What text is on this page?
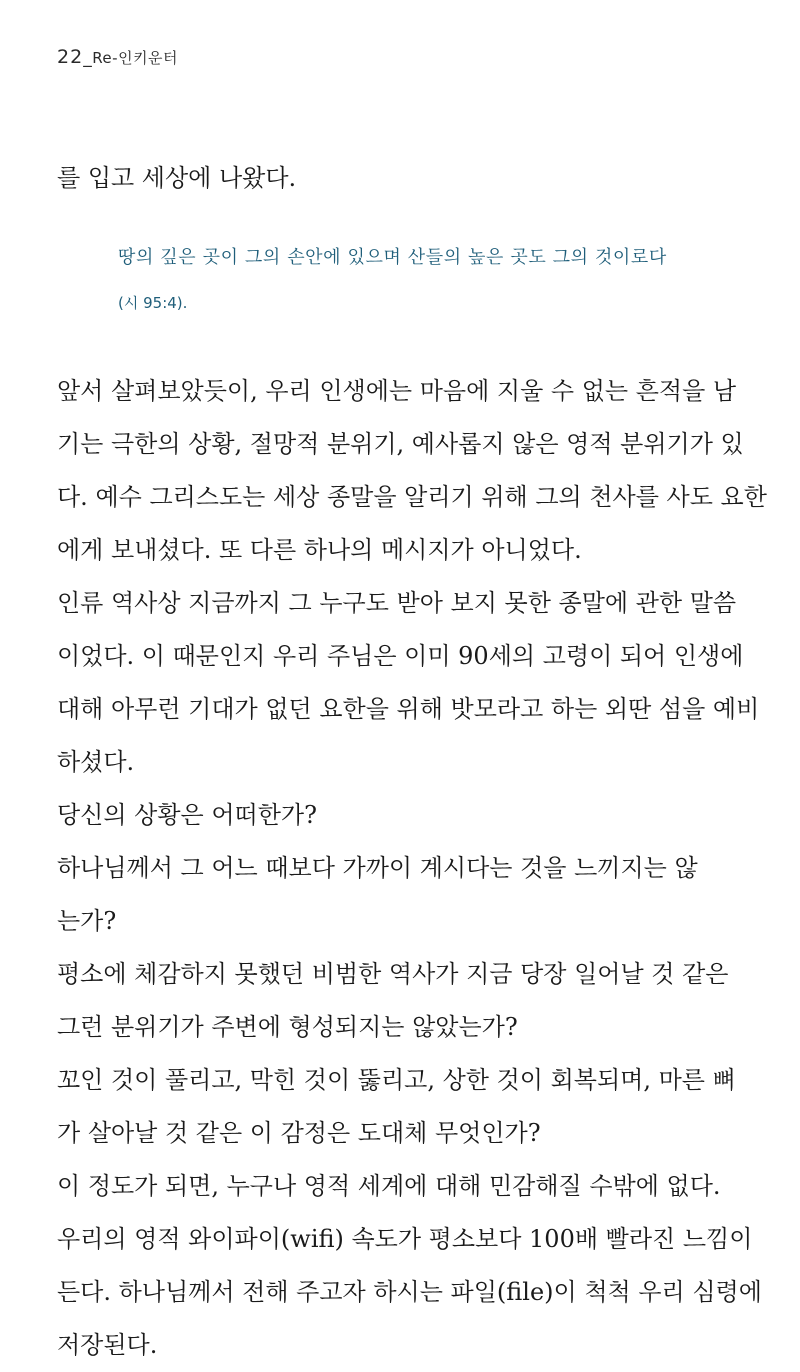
22_Re-인키운터
를 입고 세상에 나왔다.
땅의 깊은 곳이 그의 손안에 있으며 산들의 높은 곳도 그의 것이로다
(시 95:4).
앞서 살펴보았듯이, 우리 인생에는 마음에 지울 수 없는 흔적을 남
기는 극한의 상황, 절망적 분위기, 예사롭지 않은 영적 분위기가 있
다. 예수 그리스도는 세상 종말을 알리기 위해 그의 천사를 사도 요한
에게 보내셨다. 또 다른 하나의 메시지가 아니었다.
인류 역사상 지금까지 그 누구도 받아 보지 못한 종말에 관한 말씀
이었다. 이 때문인지 우리 주님은 이미 90세의 고령이 되어 인생에
대해 아무런 기대가 없던 요한을 위해 밧모라고 하는 외딴 섬을 예비
하셨다.
당신의 상황은 어떠한가?
하나님께서 그 어느 때보다 가까이 계시다는 것을 느끼지는 않
는가?
평소에 체감하지 못했던 비범한 역사가 지금 당장 일어날 것 같은
그런 분위기가 주변에 형성되지는 않았는가?
꼬인 것이 풀리고, 막힌 것이 뚫리고, 상한 것이 회복되며, 마른 뼈
가 살아날 것 같은 이 감정은 도대체 무엇인가?
이 정도가 되면, 누구나 영적 세계에 대해 민감해질 수밖에 없다.
우리의 영적 와이파이(wifi) 속도가 평소보다 100배 빨라진 느낌이
든다. 하나님께서 전해 주고자 하시는 파일(file)이 척척 우리 심령에
저장된다.
